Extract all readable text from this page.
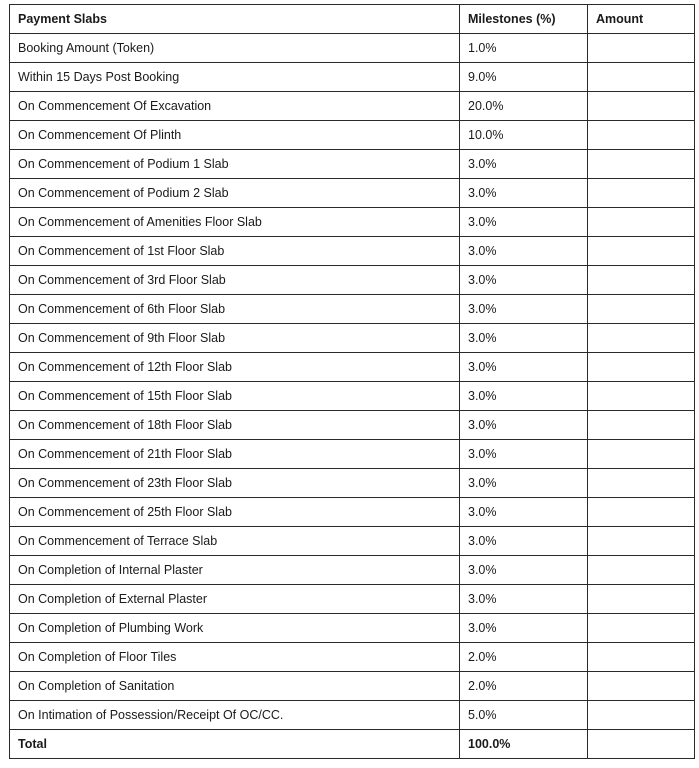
Payment Slabs	Milestones (%)	Amount
Booking Amount (Token)	1.0%	
Within 15 Days Post Booking	9.0%	
On Commencement Of Excavation	20.0%	
On Commencement Of Plinth	10.0%	
On Commencement of Podium 1 Slab	3.0%	
On Commencement of Podium 2 Slab	3.0%	
On Commencement of Amenities Floor Slab	3.0%	
On Commencement of 1st Floor Slab	3.0%	
On Commencement of 3rd Floor Slab	3.0%	
On Commencement of 6th Floor Slab	3.0%	
On Commencement of 9th Floor Slab	3.0%	
On Commencement of 12th Floor Slab	3.0%	
On Commencement of 15th Floor Slab	3.0%	
On Commencement of 18th Floor Slab	3.0%	
On Commencement of 21th Floor Slab	3.0%	
On Commencement of 23th Floor Slab	3.0%	
On Commencement of 25th Floor Slab	3.0%	
On Commencement of Terrace Slab	3.0%	
On Completion of Internal Plaster	3.0%	
On Completion of External Plaster	3.0%	
On Completion of Plumbing Work	3.0%	
On Completion of Floor Tiles	2.0%	
On Completion of Sanitation	2.0%	
On Intimation of Possession/Receipt Of OC/CC.	5.0%	
Total	100.0%	
